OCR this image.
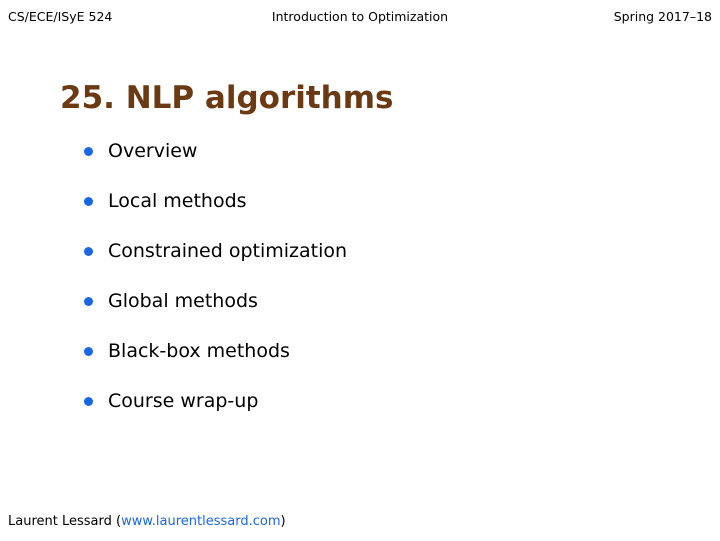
CS/ECE/ISyE 524	Introduction to Optimization	Spring 2017–18
25. NLP algorithms
Overview
Local methods
Constrained optimization
Global methods
Black-box methods
Course wrap-up
Laurent Lessard (www.laurentlessard.com)
